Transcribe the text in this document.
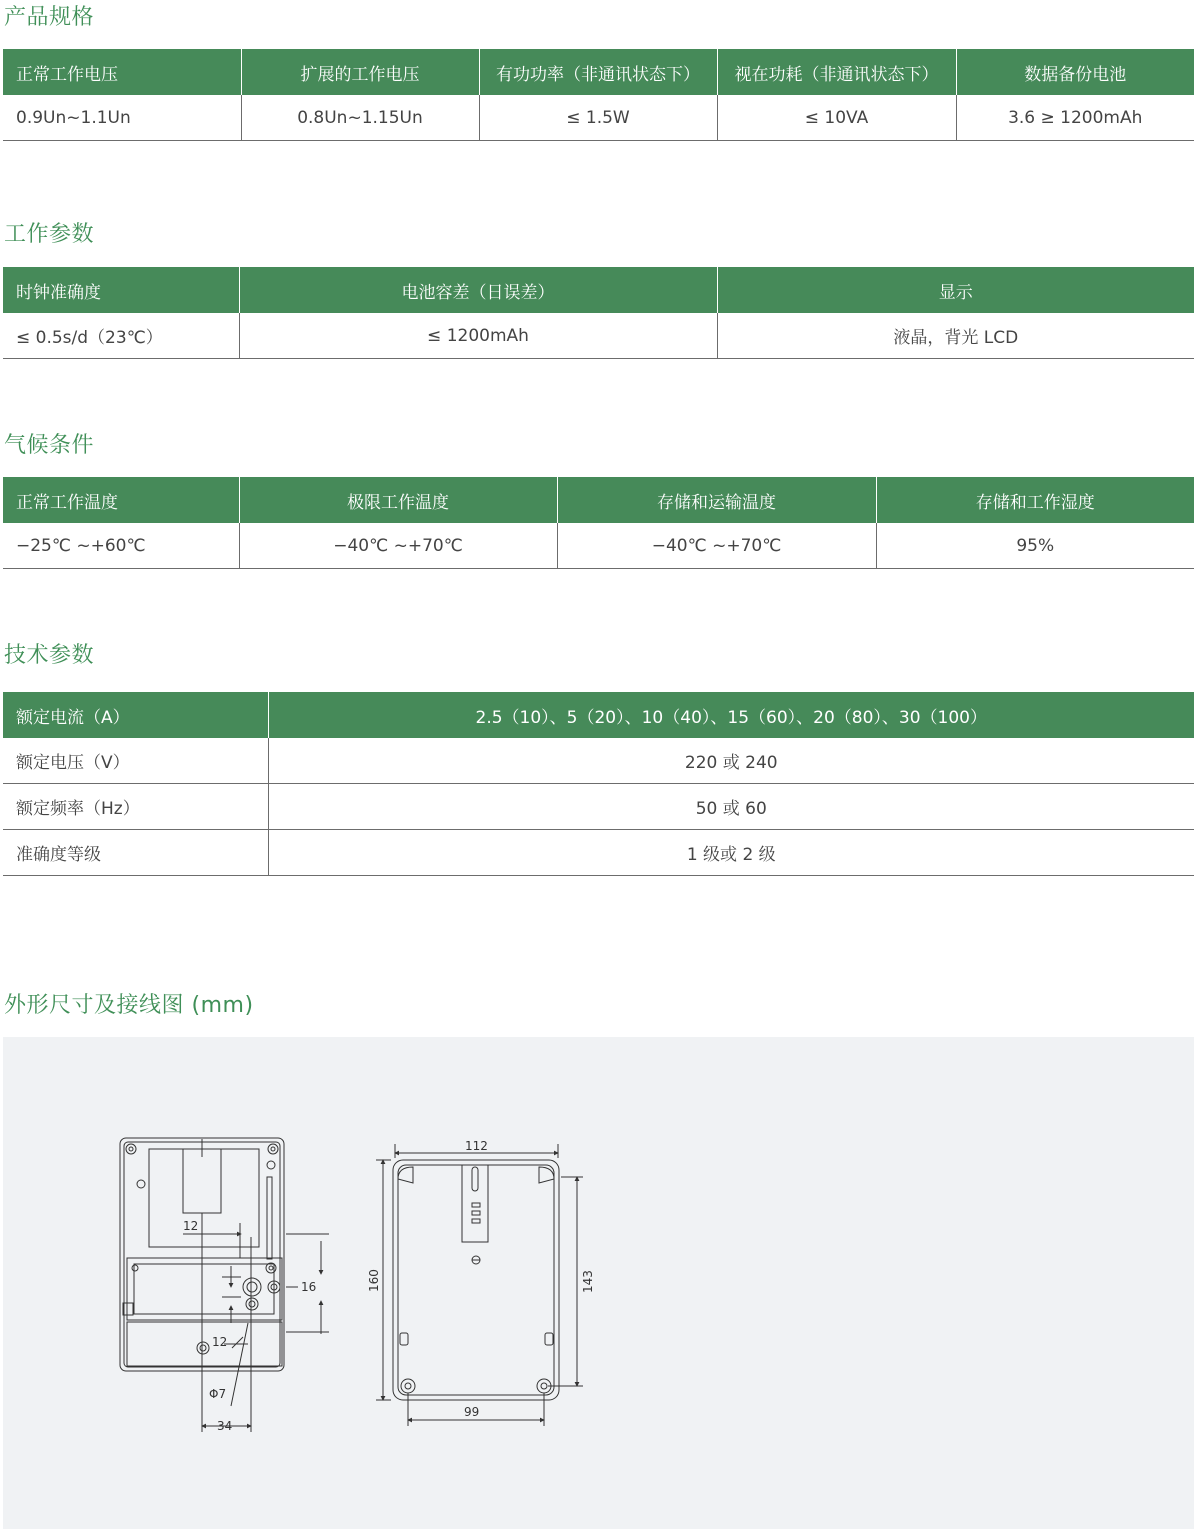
产品规格
正常工作电压	扩展的工作电压	有功功率（非通讯状态下）	视在功耗（非通讯状态下）	数据备份电池
0.9Un~1.1Un	0.8Un~1.15Un	≤ 1.5W	≤ 10VA	3.6 ≥ 1200mAh
工作参数
时钟准确度	电池容差（日误差）	显示
≤ 0.5s/d（23℃）	≤ 1200mAh	液晶，背光 LCD
气候条件
正常工作温度	极限工作温度	存储和运输温度	存储和工作湿度
−25℃ ~+60℃	−40℃ ~+70℃	−40℃ ~+70℃	95%
技术参数
额定电流（A）	2.5（10）、5（20）、10（40）、15（60）、20（80）、30（100）
额定电压（V）	220 或 240
额定频率（Hz）	50 或 60
准确度等级	1 级或 2 级
外形尺寸及接线图 (mm)
12
16
12
Φ7
34
112
160	143
99
